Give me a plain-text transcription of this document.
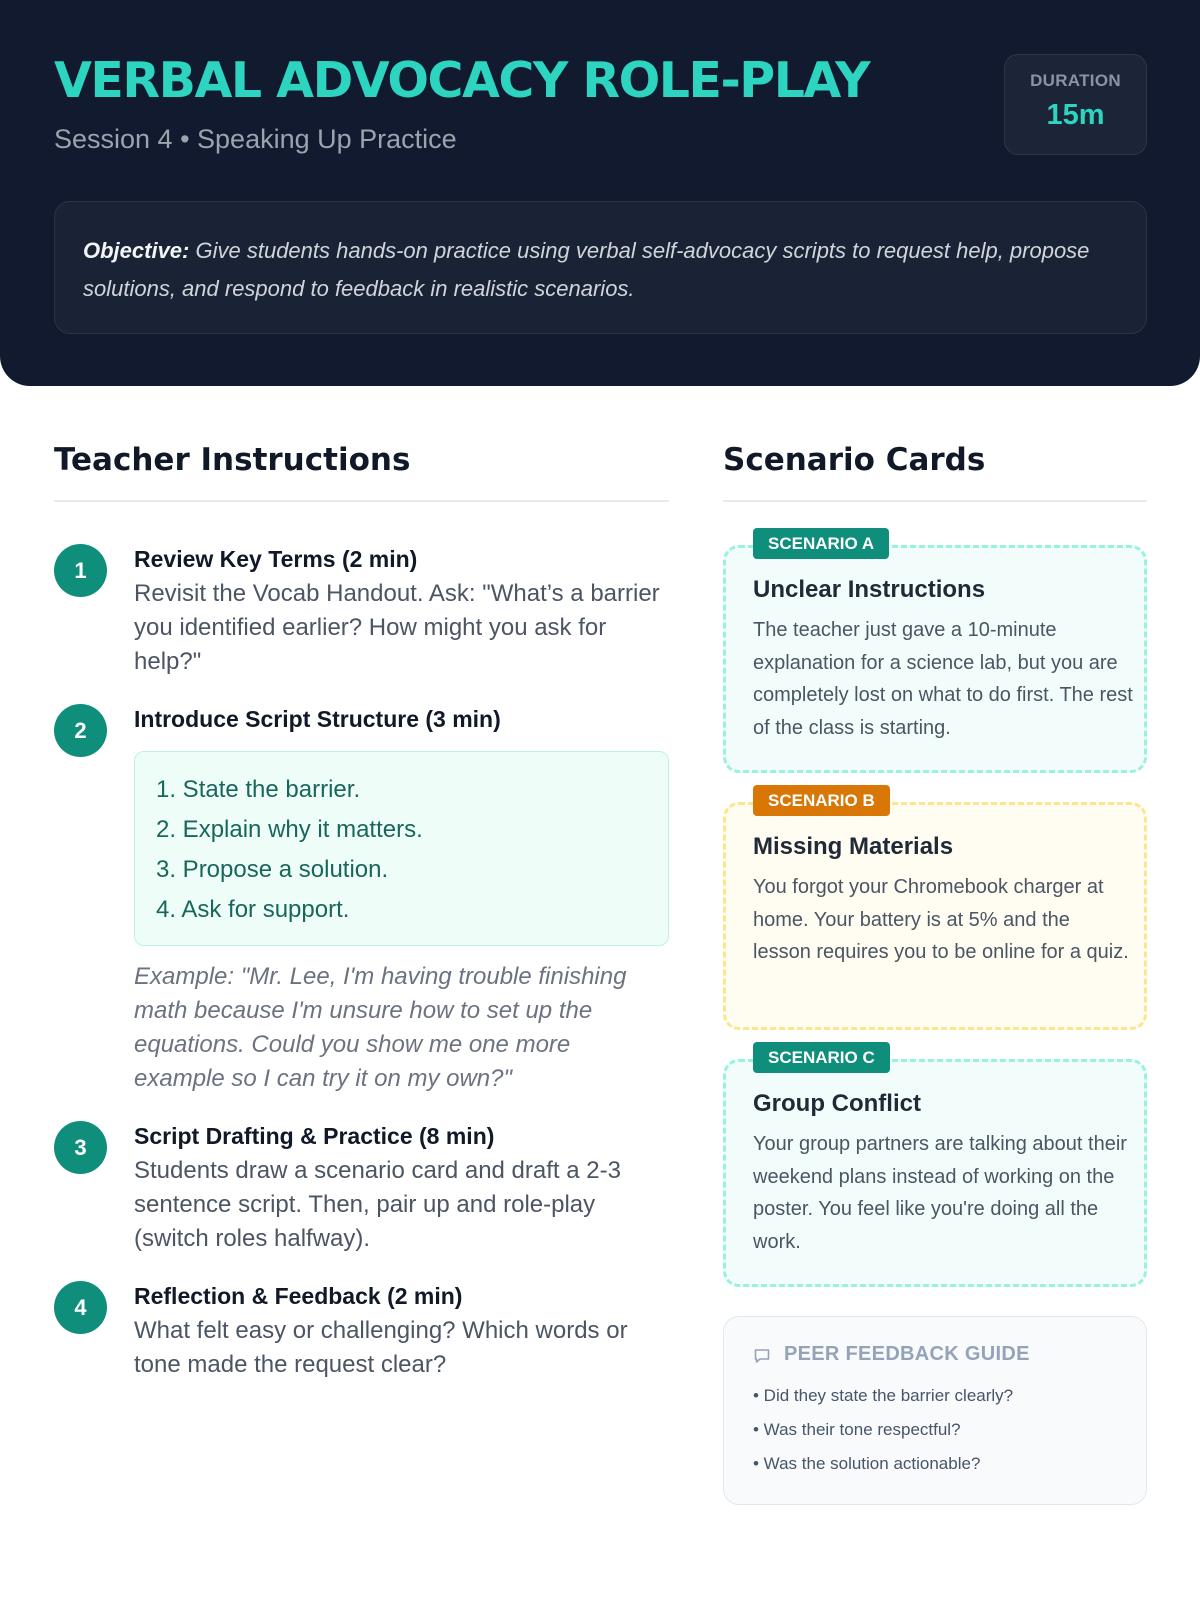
VERBAL ADVOCACY ROLE-PLAY
Session 4 • Speaking Up Practice
DURATION
15m
Objective: Give students hands-on practice using verbal self-advocacy scripts to request help, propose solutions, and respond to feedback in realistic scenarios.
Teacher Instructions
1	Review Key Terms (2 min)
Revisit the Vocab Handout. Ask: "What’s a barrier you identified earlier? How might you ask for help?"
2	Introduce Script Structure (3 min)
1. State the barrier.
2. Explain why it matters.
3. Propose a solution.
4. Ask for support.
Example: "Mr. Lee, I'm having trouble finishing math because I'm unsure how to set up the equations. Could you show me one more example so I can try it on my own?"
3	Script Drafting & Practice (8 min)
Students draw a scenario card and draft a 2-3 sentence script. Then, pair up and role-play (switch roles halfway).
4	Reflection & Feedback (2 min)
What felt easy or challenging? Which words or tone made the request clear?
Scenario Cards
SCENARIO A
Unclear Instructions
The teacher just gave a 10-minute explanation for a science lab, but you are completely lost on what to do first. The rest of the class is starting.
SCENARIO B
Missing Materials
You forgot your Chromebook charger at home. Your battery is at 5% and the lesson requires you to be online for a quiz.
SCENARIO C
Group Conflict
Your group partners are talking about their weekend plans instead of working on the poster. You feel like you're doing all the work.
PEER FEEDBACK GUIDE
• Did they state the barrier clearly?
• Was their tone respectful?
• Was the solution actionable?
